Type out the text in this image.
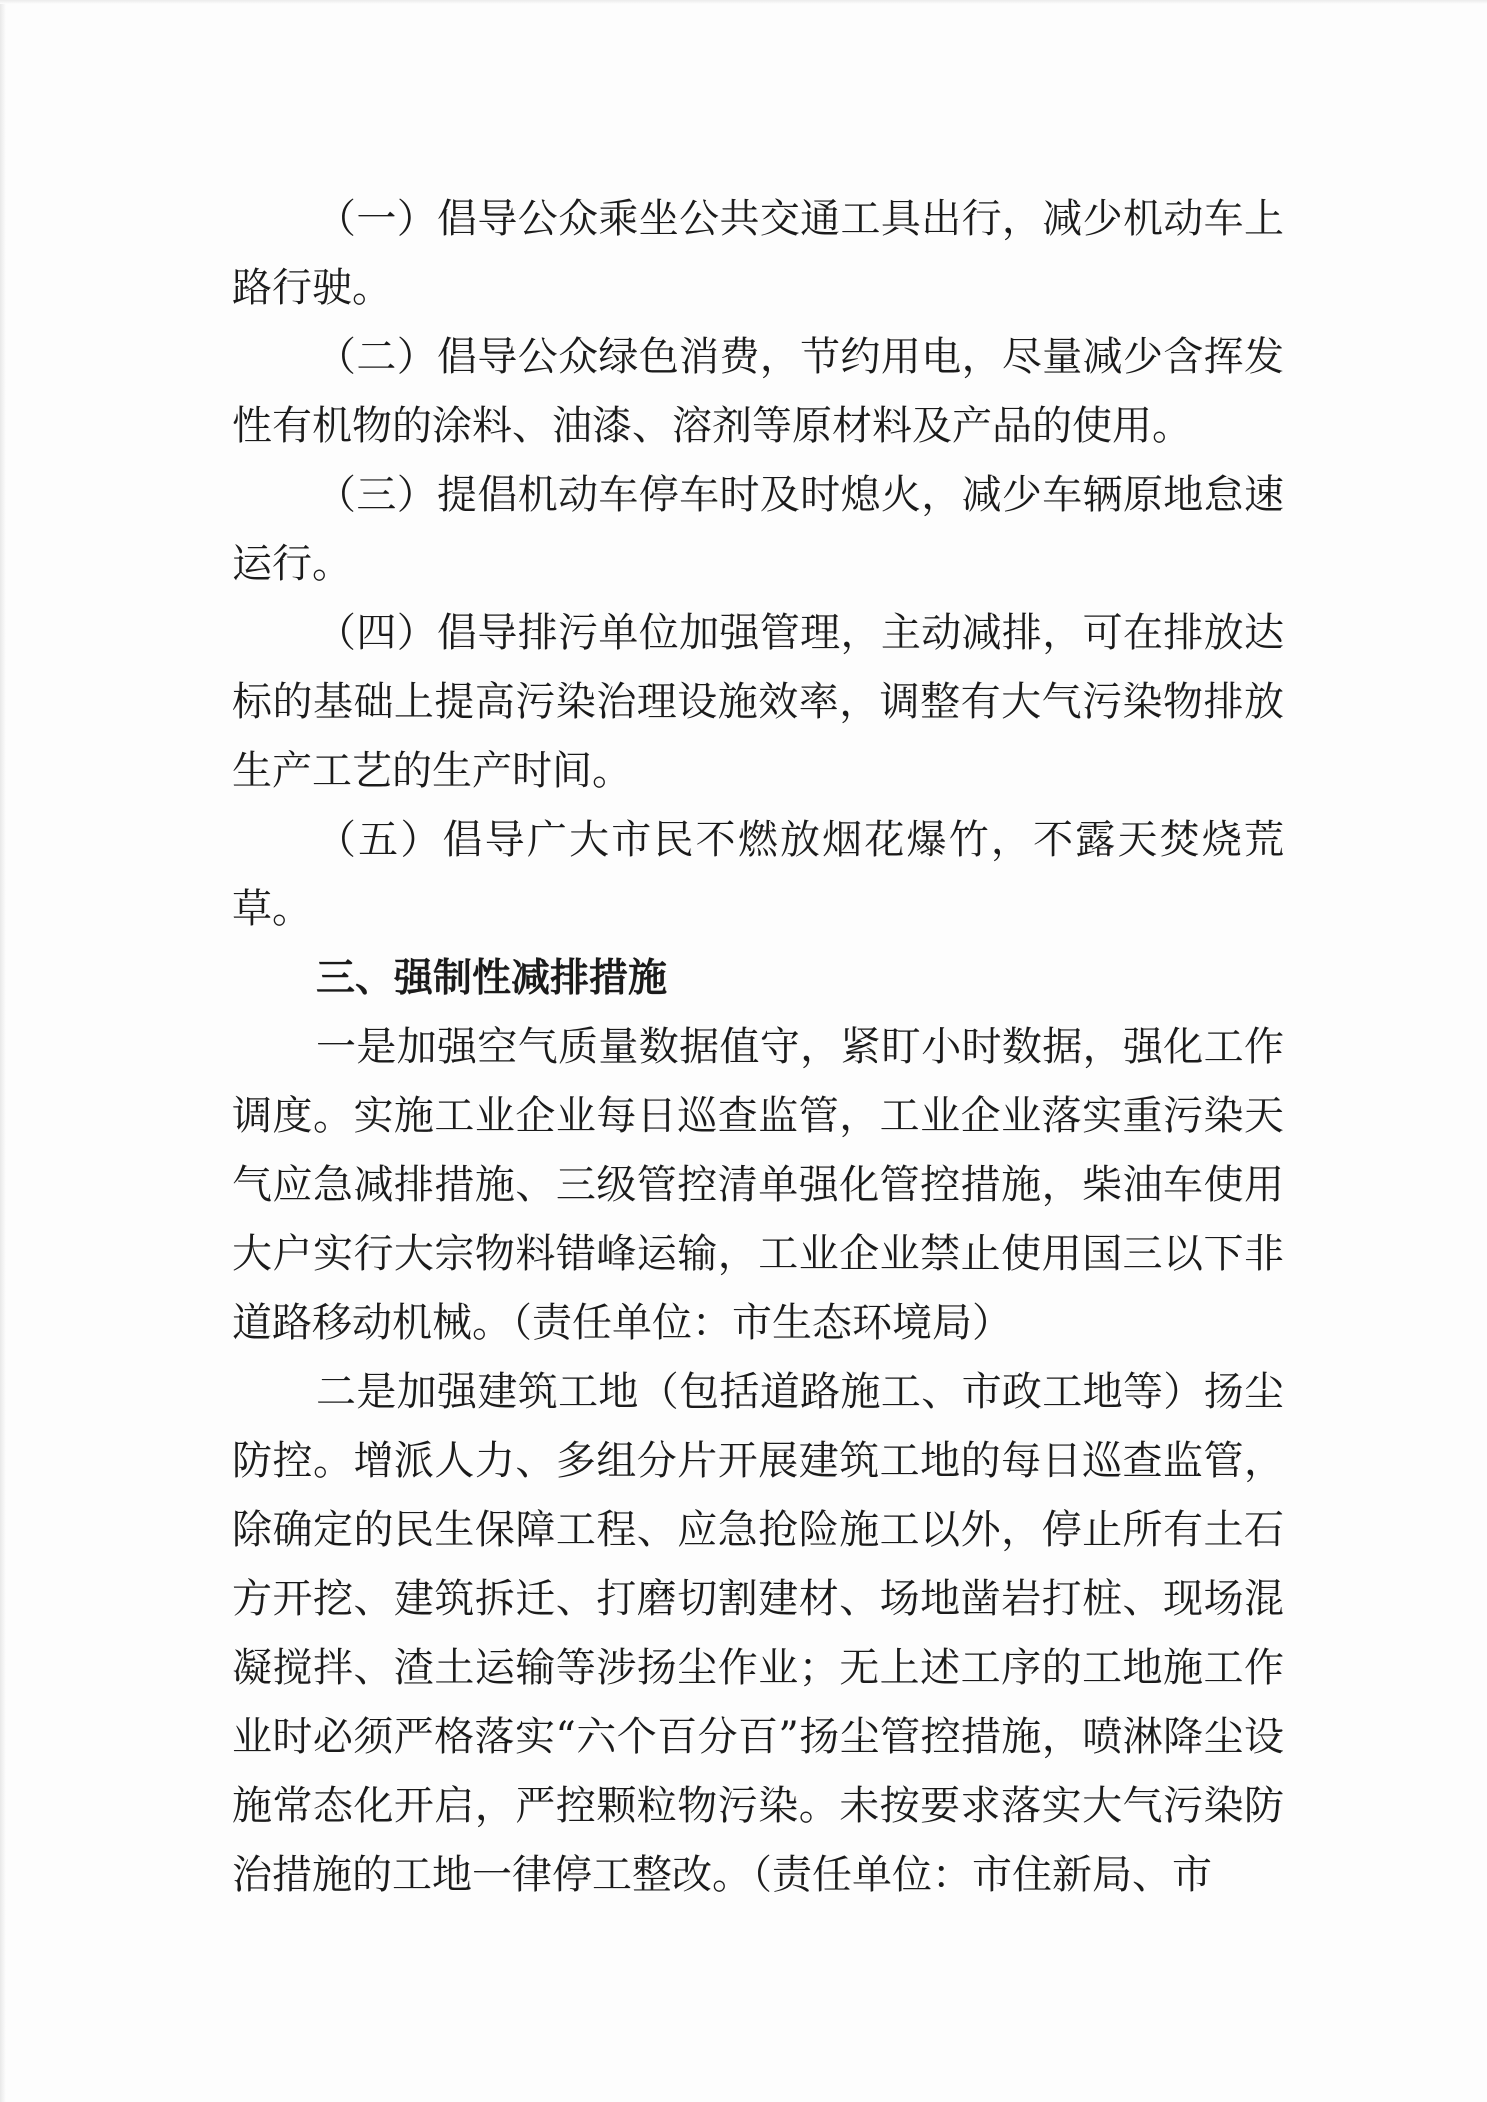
（一）倡导公众乘坐公共交通工具出行，减少机动车上路行驶。

（二）倡导公众绿色消费，节约用电，尽量减少含挥发性有机物的涂料、油漆、溶剂等原材料及产品的使用。

（三）提倡机动车停车时及时熄火，减少车辆原地怠速运行。

（四）倡导排污单位加强管理，主动减排，可在排放达标的基础上提高污染治理设施效率，调整有大气污染物排放生产工艺的生产时间。

（五）倡导广大市民不燃放烟花爆竹，不露天焚烧荒草。

三、强制性减排措施

一是加强空气质量数据值守，紧盯小时数据，强化工作调度。实施工业企业每日巡查监管，工业企业落实重污染天气应急减排措施、三级管控清单强化管控措施，柴油车使用大户实行大宗物料错峰运输，工业企业禁止使用国三以下非道路移动机械。（责任单位：市生态环境局）

二是加强建筑工地（包括道路施工、市政工地等）扬尘防控。增派人力、多组分片开展建筑工地的每日巡查监管，除确定的民生保障工程、应急抢险施工以外，停止所有土石方开挖、建筑拆迁、打磨切割建材、场地凿岩打桩、现场混凝搅拌、渣土运输等涉扬尘作业；无上述工序的工地施工作业时必须严格落实“六个百分百”扬尘管控措施，喷淋降尘设施常态化开启，严控颗粒物污染。未按要求落实大气污染防治措施的工地一律停工整改。（责任单位：市住新局、市
